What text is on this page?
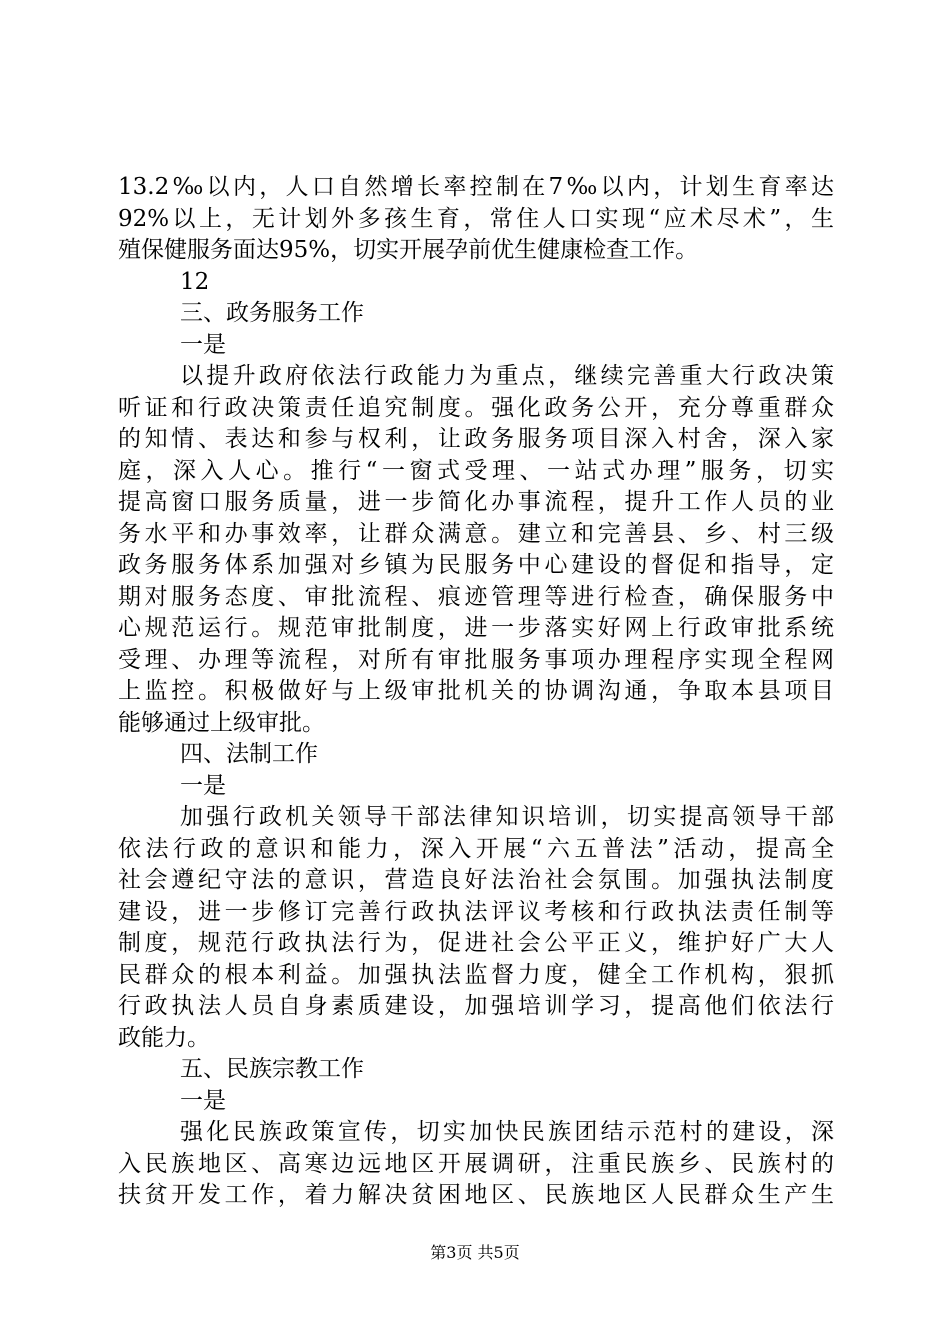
13.2‰以内，人口自然增长率控制在7‰以内，计划生育率达
92%以上，无计划外多孩生育，常住人口实现“应术尽术”，生
殖保健服务面达95%，切实开展孕前优生健康检查工作。
12
三、政务服务工作
一是
以提升政府依法行政能力为重点，继续完善重大行政决策
听证和行政决策责任追究制度。强化政务公开，充分尊重群众
的知情、表达和参与权利，让政务服务项目深入村舍，深入家
庭，深入人心。推行“一窗式受理、一站式办理”服务，切实
提高窗口服务质量，进一步简化办事流程，提升工作人员的业
务水平和办事效率，让群众满意。建立和完善县、乡、村三级
政务服务体系加强对乡镇为民服务中心建设的督促和指导，定
期对服务态度、审批流程、痕迹管理等进行检查，确保服务中
心规范运行。规范审批制度，进一步落实好网上行政审批系统
受理、办理等流程，对所有审批服务事项办理程序实现全程网
上监控。积极做好与上级审批机关的协调沟通，争取本县项目
能够通过上级审批。
四、法制工作
一是
加强行政机关领导干部法律知识培训，切实提高领导干部
依法行政的意识和能力，深入开展“六五普法”活动，提高全
社会遵纪守法的意识，营造良好法治社会氛围。加强执法制度
建设，进一步修订完善行政执法评议考核和行政执法责任制等
制度，规范行政执法行为，促进社会公平正义，维护好广大人
民群众的根本利益。加强执法监督力度，健全工作机构，狠抓
行政执法人员自身素质建设，加强培训学习，提高他们依法行
政能力。
五、民族宗教工作
一是
强化民族政策宣传，切实加快民族团结示范村的建设，深
入民族地区、高寒边远地区开展调研，注重民族乡、民族村的
扶贫开发工作，着力解决贫困地区、民族地区人民群众生产生
第3页 共5页
